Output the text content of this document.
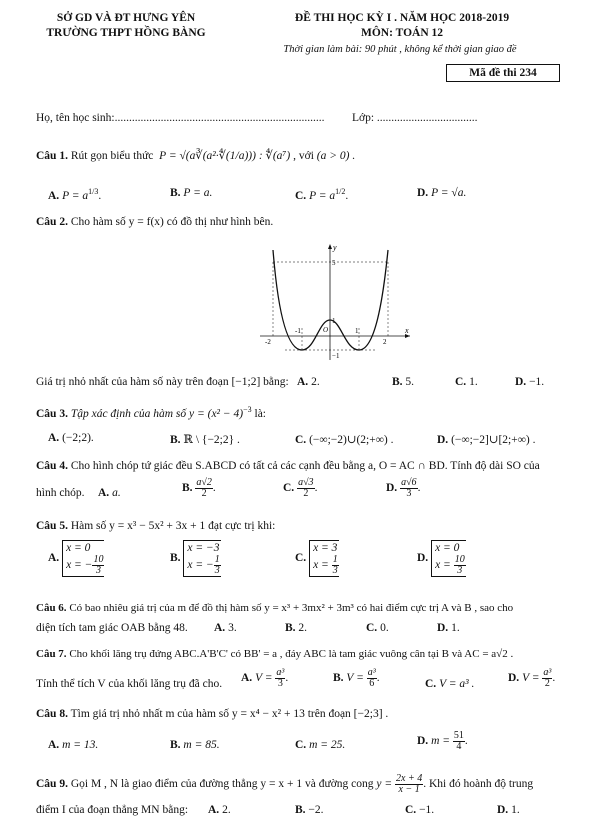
SỞ GD VÀ ĐT HƯNG YÊN
TRƯỜNG THPT HỒNG BÀNG
ĐỀ THI HỌC KỲ I . NĂM HỌC 2018-2019
MÔN: TOÁN 12
Thời gian làm bài: 90 phút , không kể thời gian giao đề
Mã đề thi 234
Họ, tên học sinh:......................................................................... Lớp: ...................................
Câu 1. Rút gọn biểu thức  P = √(a∛(a²·∜(1/a))) : ∜(a⁷) , với (a > 0) .
A. $P = a^{1/3}$.	B. P = a.	C. $P = a^{1/2}$.	D. P = √a.
Câu 2. Cho hàm số y = f(x) có đồ thị như hình bên.
y
x
5
1
−1
O
-2
-1	1
2
Giá trị nhỏ nhất của hàm số này trên đoạn [−1;2] bằng: A. 2.	B. 5.	C. 1.	D. −1.
Câu 3. Tập xác định của hàm số $y = (x^2 - 4)^{-3}$ là:
A. (−2;2).	B. ℝ \ {−2;2} .	C. (−∞;−2)∪(2;+∞) .	D. (−∞;−2]∪[2;+∞) .
Câu 4. Cho hình chóp tứ giác đều S.ABCD có tất cả các cạnh đều bằng a, O = AC ∩ BD. Tính độ dài SO của
hình chóp. A. a.	B. $\frac{a√2}{2}$ .	C. $\frac{a√3}{2}$ .	D. $\frac{a√6}{3}$ .
Câu 5. Hàm số y = x³ − 5x² + 3x + 1 đạt cực trị khi:
A. x = 0
x = − $\frac{10}{3}$	B. x = −3
x = − $\frac{1}{3}$	C. x = 3
$x = \frac{1}{3}$	D. x = 0
$x = \frac{10}{3}$
Câu 6. Có bao nhiêu giá trị của m để đồ thị hàm số y = x³ + 3mx² + 3m³ có hai điểm cực trị A và B , sao cho
diện tích tam giác OAB bằng 48. A. 3.	B. 2.	C. 0.	D. 1.
Câu 7. Cho khối lăng trụ đứng ABC.A'B'C' có BB' = a , đáy ABC là tam giác vuông cân tại B và AC = a√2 .
Tính thể tích V của khối lăng trụ đã cho. A. $V = \frac{\text{a³}}{3}$ .	B. $V = \frac{\text{a³}}{6}$ .	C. V = a³ .	D. $V = \frac{\text{a³}}{2}$ .
Câu 8. Tìm giá trị nhỏ nhất m của hàm số y = x⁴ − x² + 13 trên đoạn [−2;3] .
A. m = 13.	B. m = 85.	C. m = 25.	D. $m = \frac{51}{4}$ .
Câu 9. Gọi M , N là giao điểm của đường thẳng y = x + 1 và đường cong $y = \frac{2x + 4}{x - 1}$ . Khi đó hoành độ trung
điểm I của đoạn thẳng MN bằng: A. 2.	B. −2.	C. −1.	D. 1.
